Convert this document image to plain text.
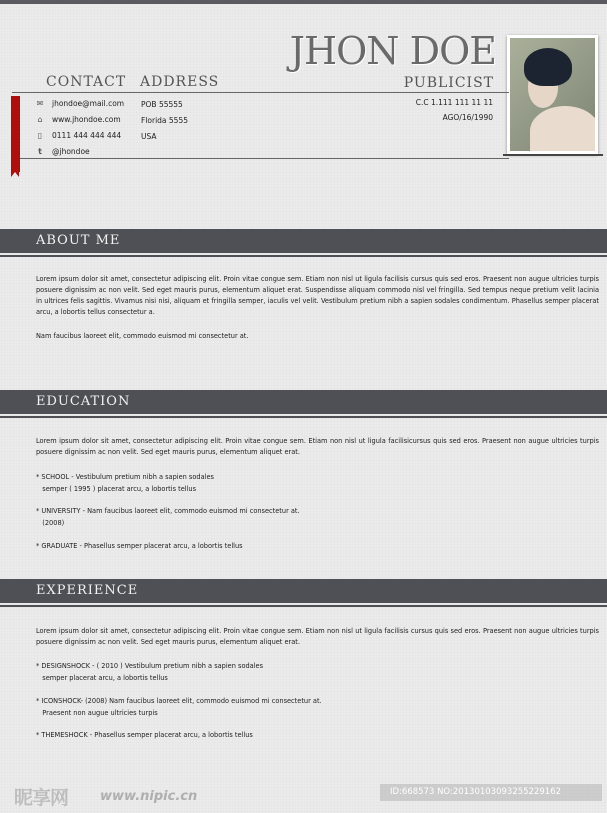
JHON DOE
PUBLICIST
CONTACT ADDRESS
✉ jhondoe@mail.com
⌂ www.jhondoe.com
▯ 0111 444 444 444
t @jhondoe
POB 55555
Florida 5555
USA
C.C 1.111 111 11 11
AGO/16/1990
ABOUT ME
Lorem ipsum dolor sit amet, consectetur adipiscing elit. Proin vitae congue sem. Etiam non nisl ut ligula facilisis cursus quis sed eros. Praesent non augue ultricies turpis posuere dignissim ac non velit. Sed eget mauris purus, elementum aliquet erat. Suspendisse aliquam commodo nisl vel fringilla. Sed tempus neque pretium velit lacinia in ultrices felis sagittis. Vivamus nisi nisi, aliquam et fringilla semper, iaculis vel velit. Vestibulum pretium nibh a sapien sodales condimentum. Phasellus semper placerat arcu, a lobortis tellus consectetur a.
Nam faucibus laoreet elit, commodo euismod mi consectetur at.
EDUCATION
Lorem ipsum dolor sit amet, consectetur adipiscing elit. Proin vitae congue sem. Etiam non nisl ut ligula facilisicursus quis sed eros. Praesent non augue ultricies turpis posuere dignissim ac non velit. Sed eget mauris purus, elementum aliquet erat.
* SCHOOL - Vestibulum pretium nibh a sapien sodales
semper ( 1995 ) placerat arcu, a lobortis tellus
* UNIVERSITY - Nam faucibus laoreet elit, commodo euismod mi consectetur at.
(2008)
* GRADUATE - Phasellus semper placerat arcu, a lobortis tellus
EXPERIENCE
Lorem ipsum dolor sit amet, consectetur adipiscing elit. Proin vitae congue sem. Etiam non nisl ut ligula facilisis cursus quis sed eros. Praesent non augue ultricies turpis posuere dignissim ac non velit. Sed eget mauris purus, elementum aliquet erat.
* DESIGNSHOCK - ( 2010 ) Vestibulum pretium nibh a sapien sodales
semper placerat arcu, a lobortis tellus
* ICONSHOCK- (2008) Nam faucibus laoreet elit, commodo euismod mi consectetur at.
Praesent non augue ultricies turpis
* THEMESHOCK - Phasellus semper placerat arcu, a lobortis tellus
昵享网 www.nipic.cn	ID:668573 NO:20130103093255229162
